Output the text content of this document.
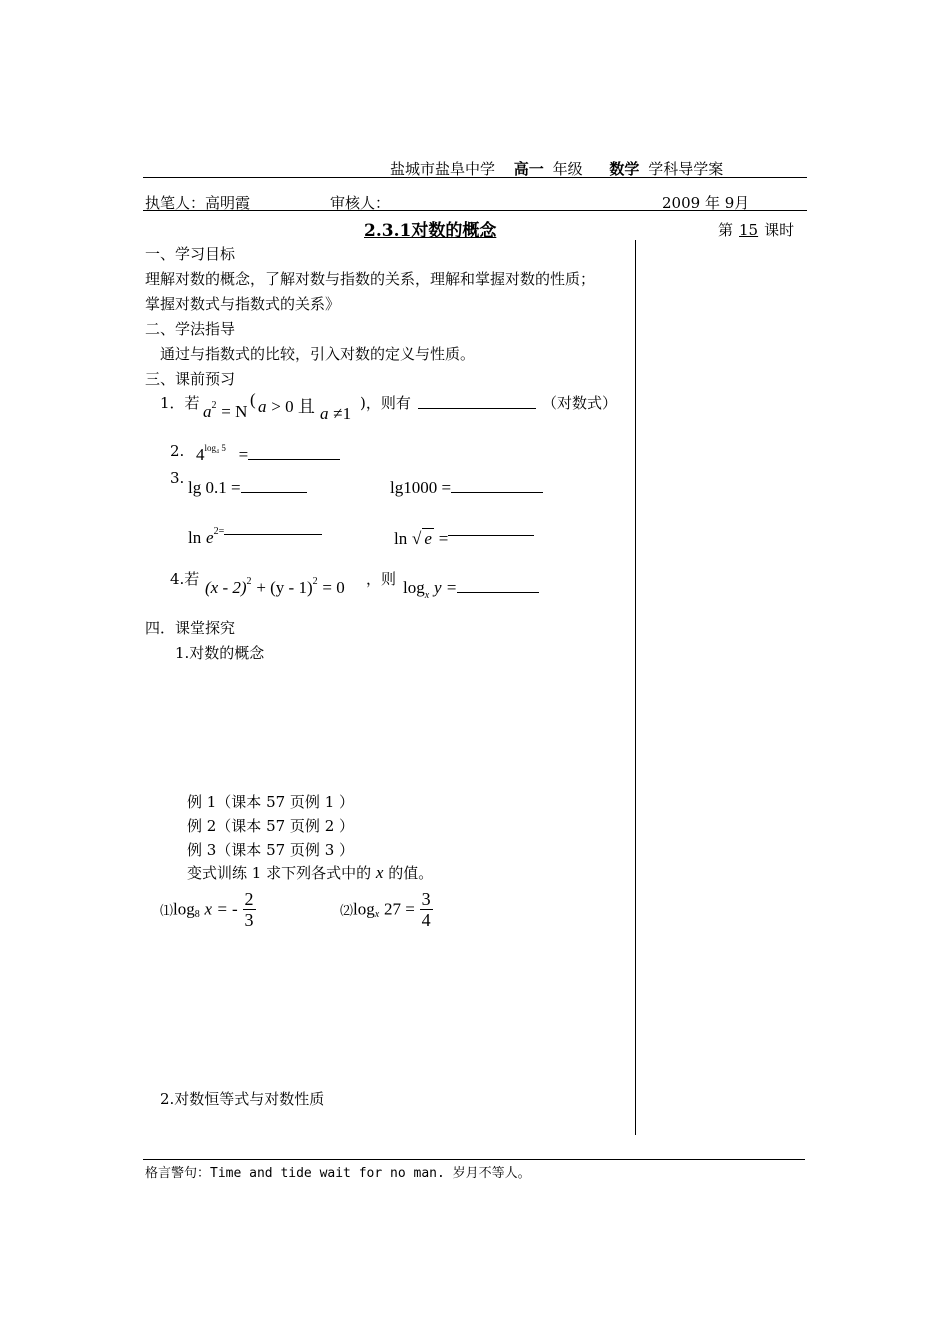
盐城市盐阜中学 高一 年级 数学 学科导学案
执笔人：高明霞	审核人：	2009 年 9月
2.3.1对数的概念	第 15 课时
一、学习目标
理解对数的概念，了解对数与指数的关系，理解和掌握对数的性质；
掌握对数式与指数式的关系》
二、学法指导
通过与指数式的比较，引入对数的定义与性质。
三、课前预习
1．若 $a^2 = N$
( a > 0 且 a ≠1
)，则有	（对数式）
2. $4^{log_4 5}$ =
3. lg 0.1 =	lg1000 =
$\ln e^{2=}$	ln √ e =
4.若 (x - 2)$^2$ + (y - 1)$^2$ = 0 ，则 $\log_x y$ =
四．课堂探究
1.对数的概念
例 1（课本 57 页例 1 ）
例 2（课本 57 页例 2 ）
例 3（课本 57 页例 3 ）
变式训练 1 求下列各式中的 x 的值。
$⑴\log_8$ x = - $\frac{2}{3}$	$⑵\log_x$ $27 = \frac{3}{4}$
2.对数恒等式与对数性质
格言警句：Time and tide wait for no man. 岁月不等人。
